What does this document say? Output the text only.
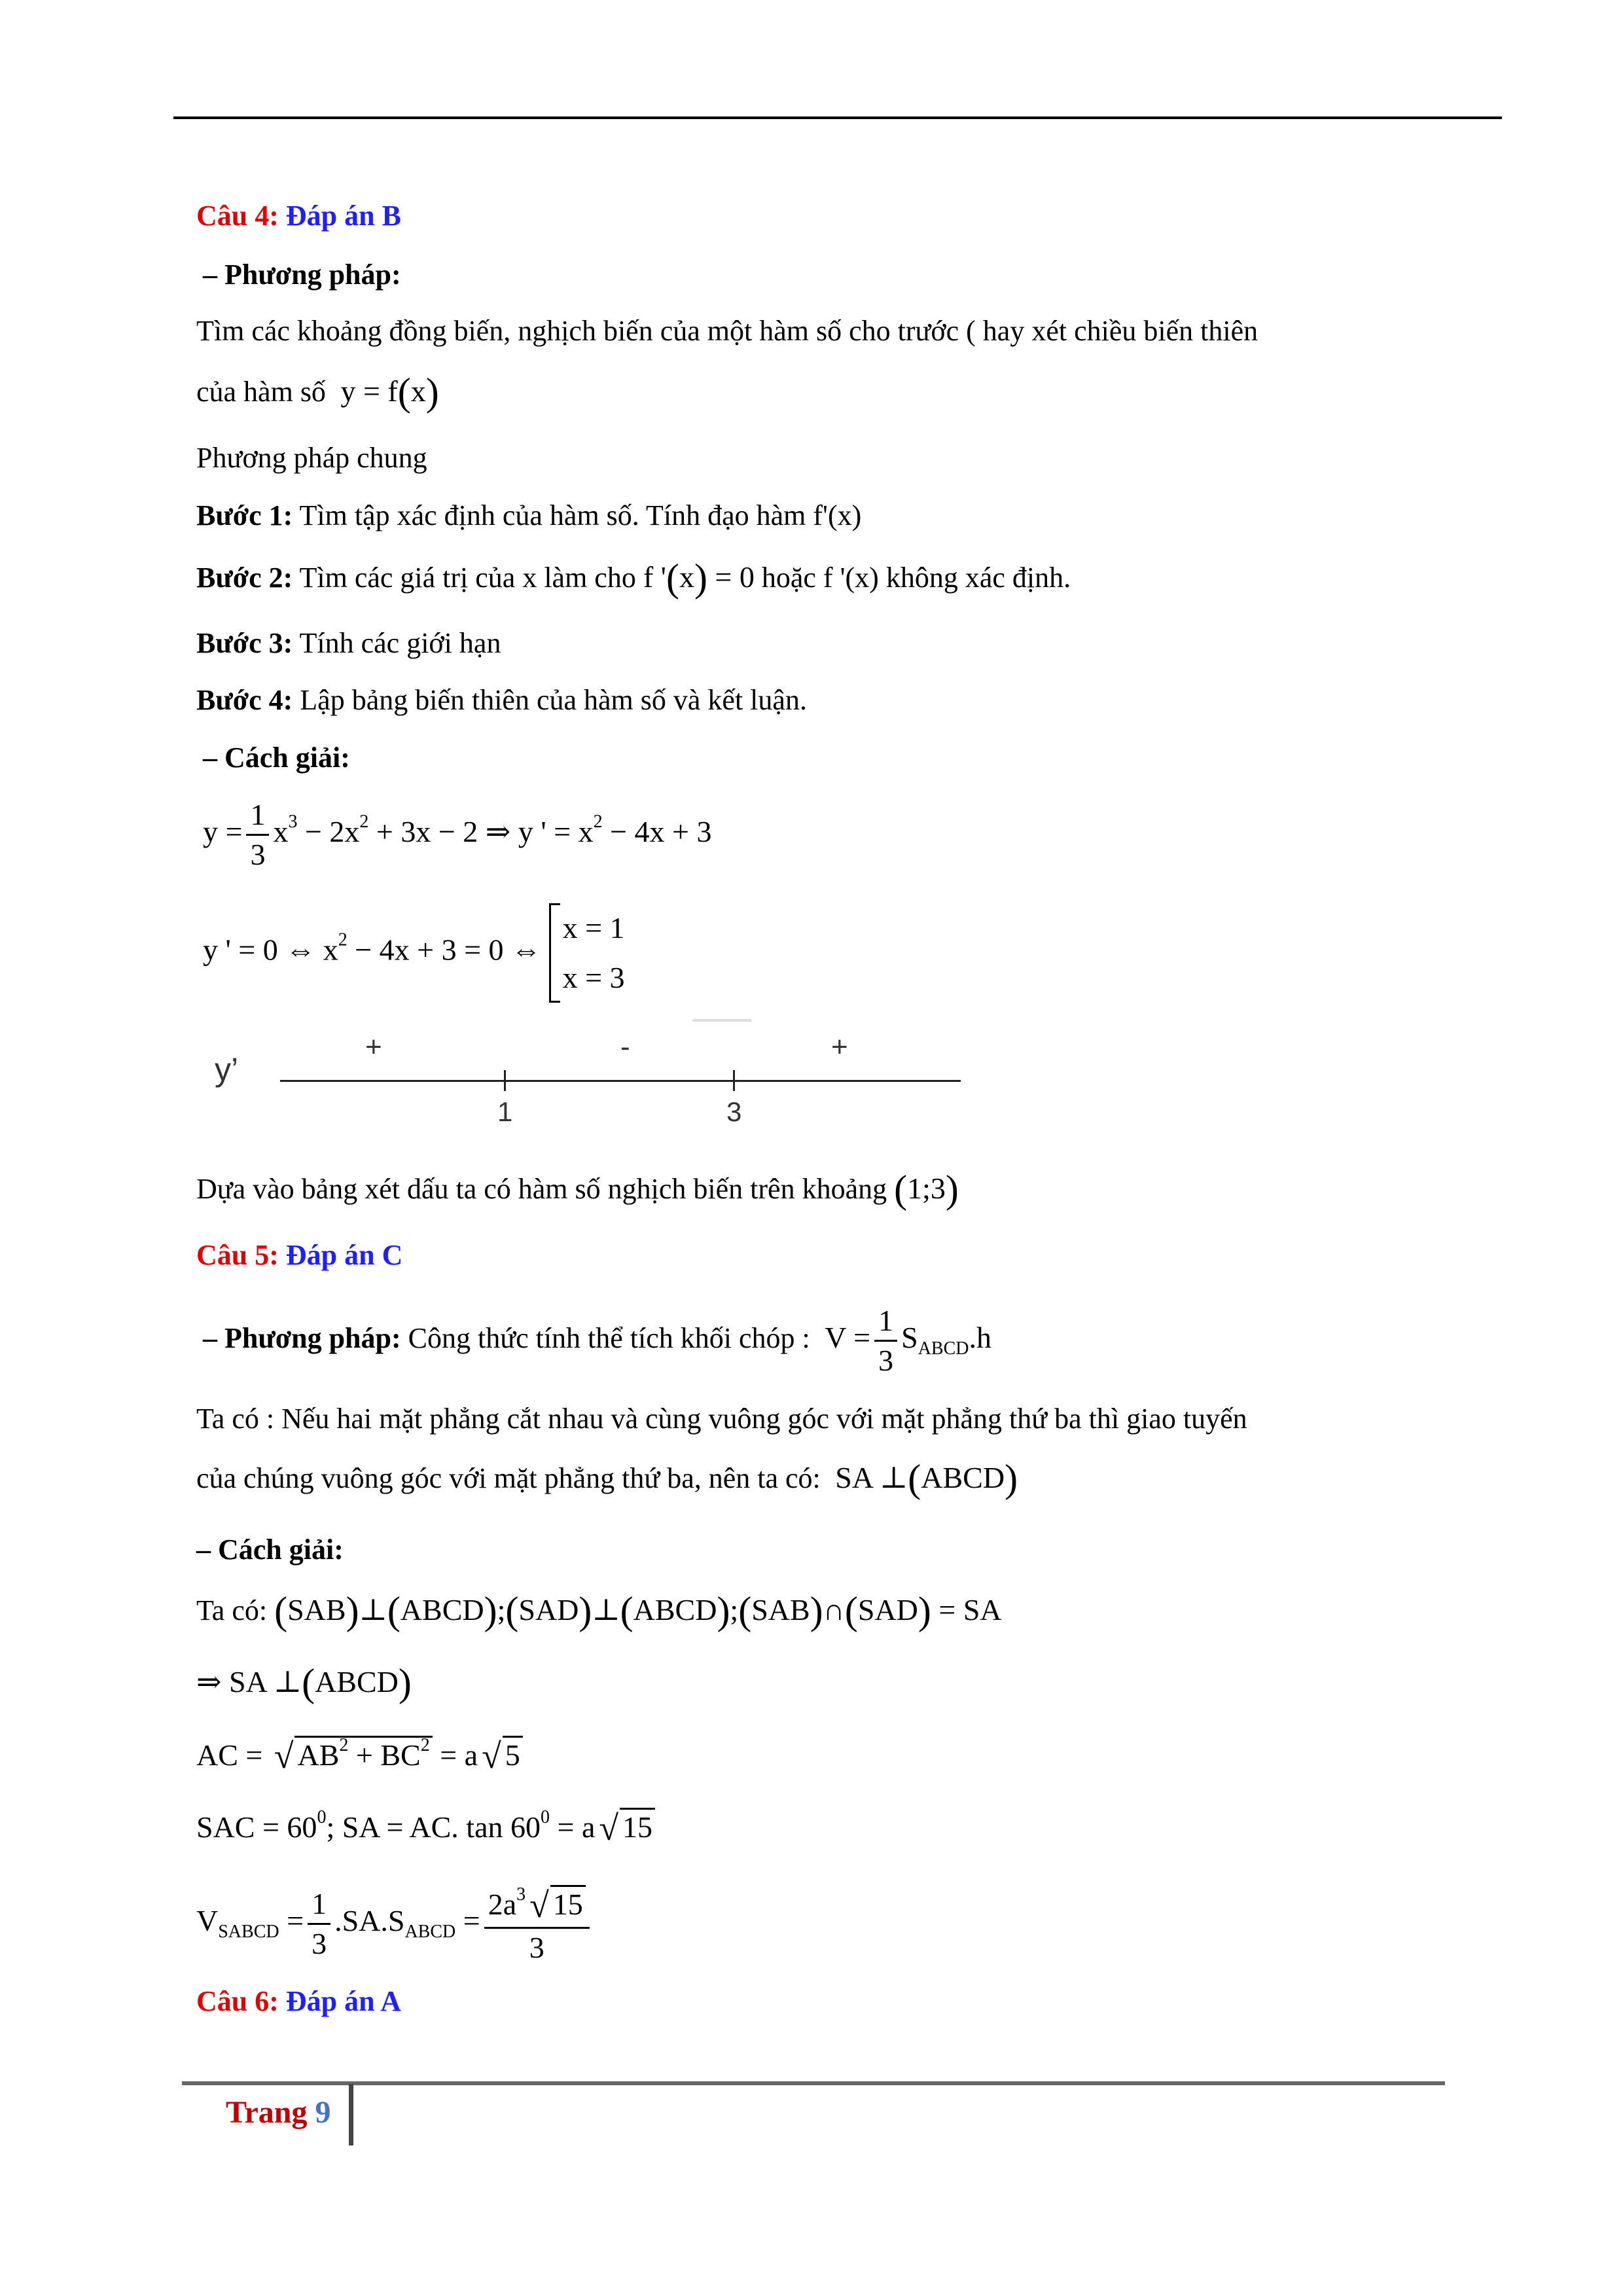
Câu 4: Đáp án B
– Phương pháp:
Tìm các khoảng đồng biến, nghịch biến của một hàm số cho trước ( hay xét chiều biến thiên
của hàm số y = f(x)
Phương pháp chung
Bước 1: Tìm tập xác định của hàm số. Tính đạo hàm f'(x)
Bước 2: Tìm các giá trị của x làm cho f '(x) = 0 hoặc f '(x) không xác định.
Bước 3: Tính các giới hạn
Bước 4: Lập bảng biến thiên của hàm số và kết luận.
– Cách giải:
$y = \frac{1}{3} x^3 - 2x^2 + 3x - 2$ ⇒ y ' = $x^2 - 4x + 3$
y ' = 0 ⇔ $x^2 - 4x + 3 = 0$ ⇔
x = 1
x = 3
y’
+	-	+
1	3
Dựa vào bảng xét dấu ta có hàm số nghịch biến trên khoảng (1;3)
Câu 5: Đáp án C
– Phương pháp: Công thức tính thể tích khối chóp : $V = \frac{1}{3} S_{ABCD}.h$
Ta có : Nếu hai mặt phẳng cắt nhau và cùng vuông góc với mặt phẳng thứ ba thì giao tuyến
của chúng vuông góc với mặt phẳng thứ ba, nên ta có: SA ⊥(ABCD)
– Cách giải:
Ta có: (SAB)⊥(ABCD);(SAD)⊥(ABCD);(SAB)∩(SAD) = SA
⇒ SA ⊥(ABCD)
AC = √ $AB^2 + BC^2 = a$ √ 5
SAC = $60^0$; SA = AC. $\tan 60^0 = a$ √ 15
$V_{SABCD} = \frac{1}{3} .SA.S_{ABCD} = \frac{2a^3 √ 15}{3}$
Câu 6: Đáp án A
Trang 9
